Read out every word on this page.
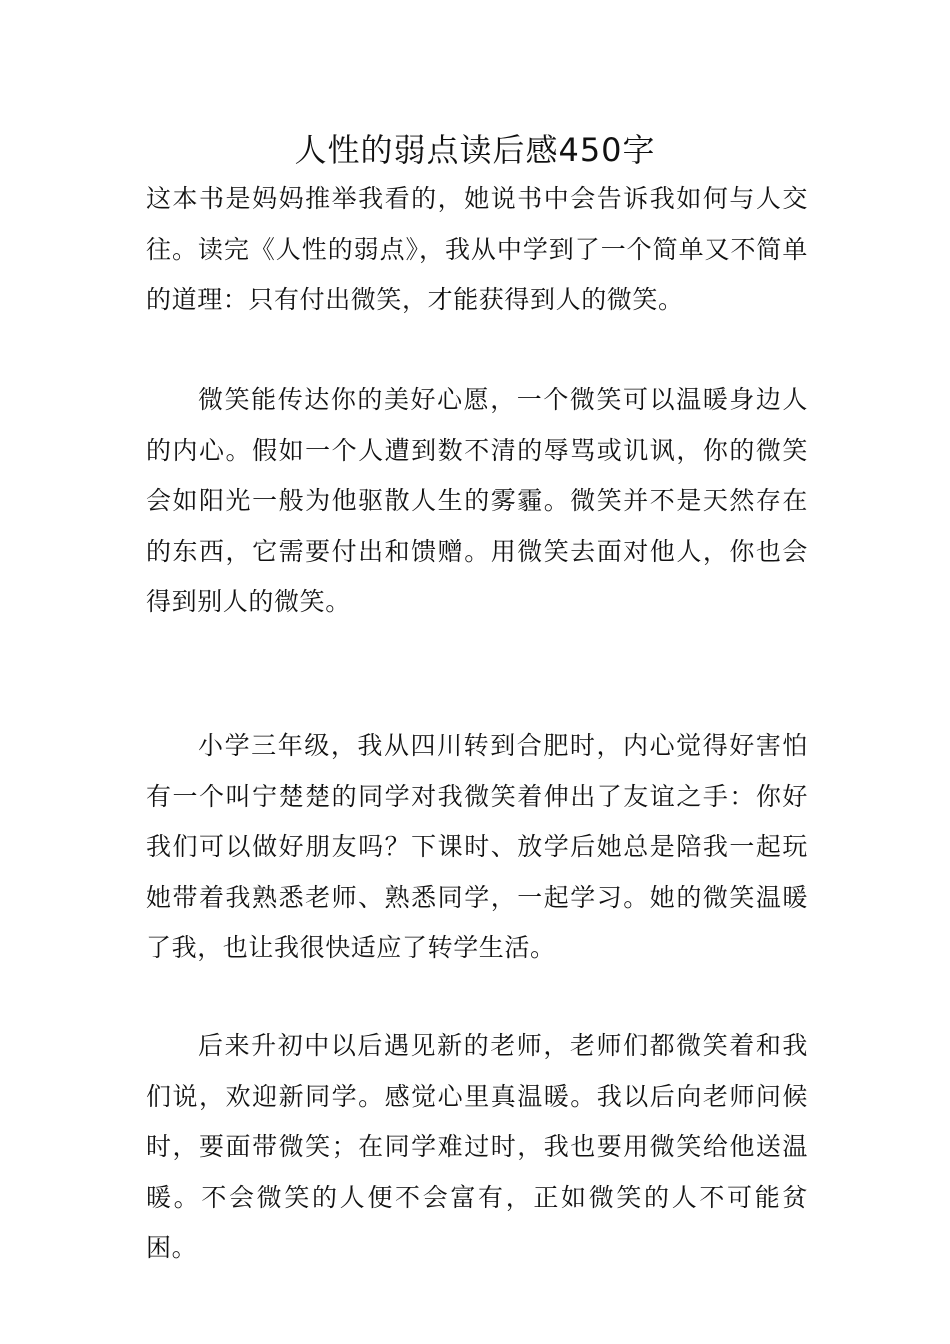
人性的弱点读后感450字

这本书是妈妈推举我看的，她说书中会告诉我如何与人交往。读完《人性的弱点》，我从中学到了一个简单又不简单的道理：只有付出微笑，才能获得到人的微笑。

微笑能传达你的美好心愿，一个微笑可以温暖身边人的内心。假如一个人遭到数不清的辱骂或讥讽，你的微笑会如阳光一般为他驱散人生的雾霾。微笑并不是天然存在的东西，它需要付出和馈赠。用微笑去面对他人，你也会得到别人的微笑。

小学三年级，我从四川转到合肥时，内心觉得好害怕有一个叫宁楚楚的同学对我微笑着伸出了友谊之手：你好我们可以做好朋友吗？下课时、放学后她总是陪我一起玩她带着我熟悉老师、熟悉同学，一起学习。她的微笑温暖了我，也让我很快适应了转学生活。

后来升初中以后遇见新的老师，老师们都微笑着和我们说，欢迎新同学。感觉心里真温暖。我以后向老师问候时，要面带微笑；在同学难过时，我也要用微笑给他送温暖。不会微笑的人便不会富有，正如微笑的人不可能贫困。
